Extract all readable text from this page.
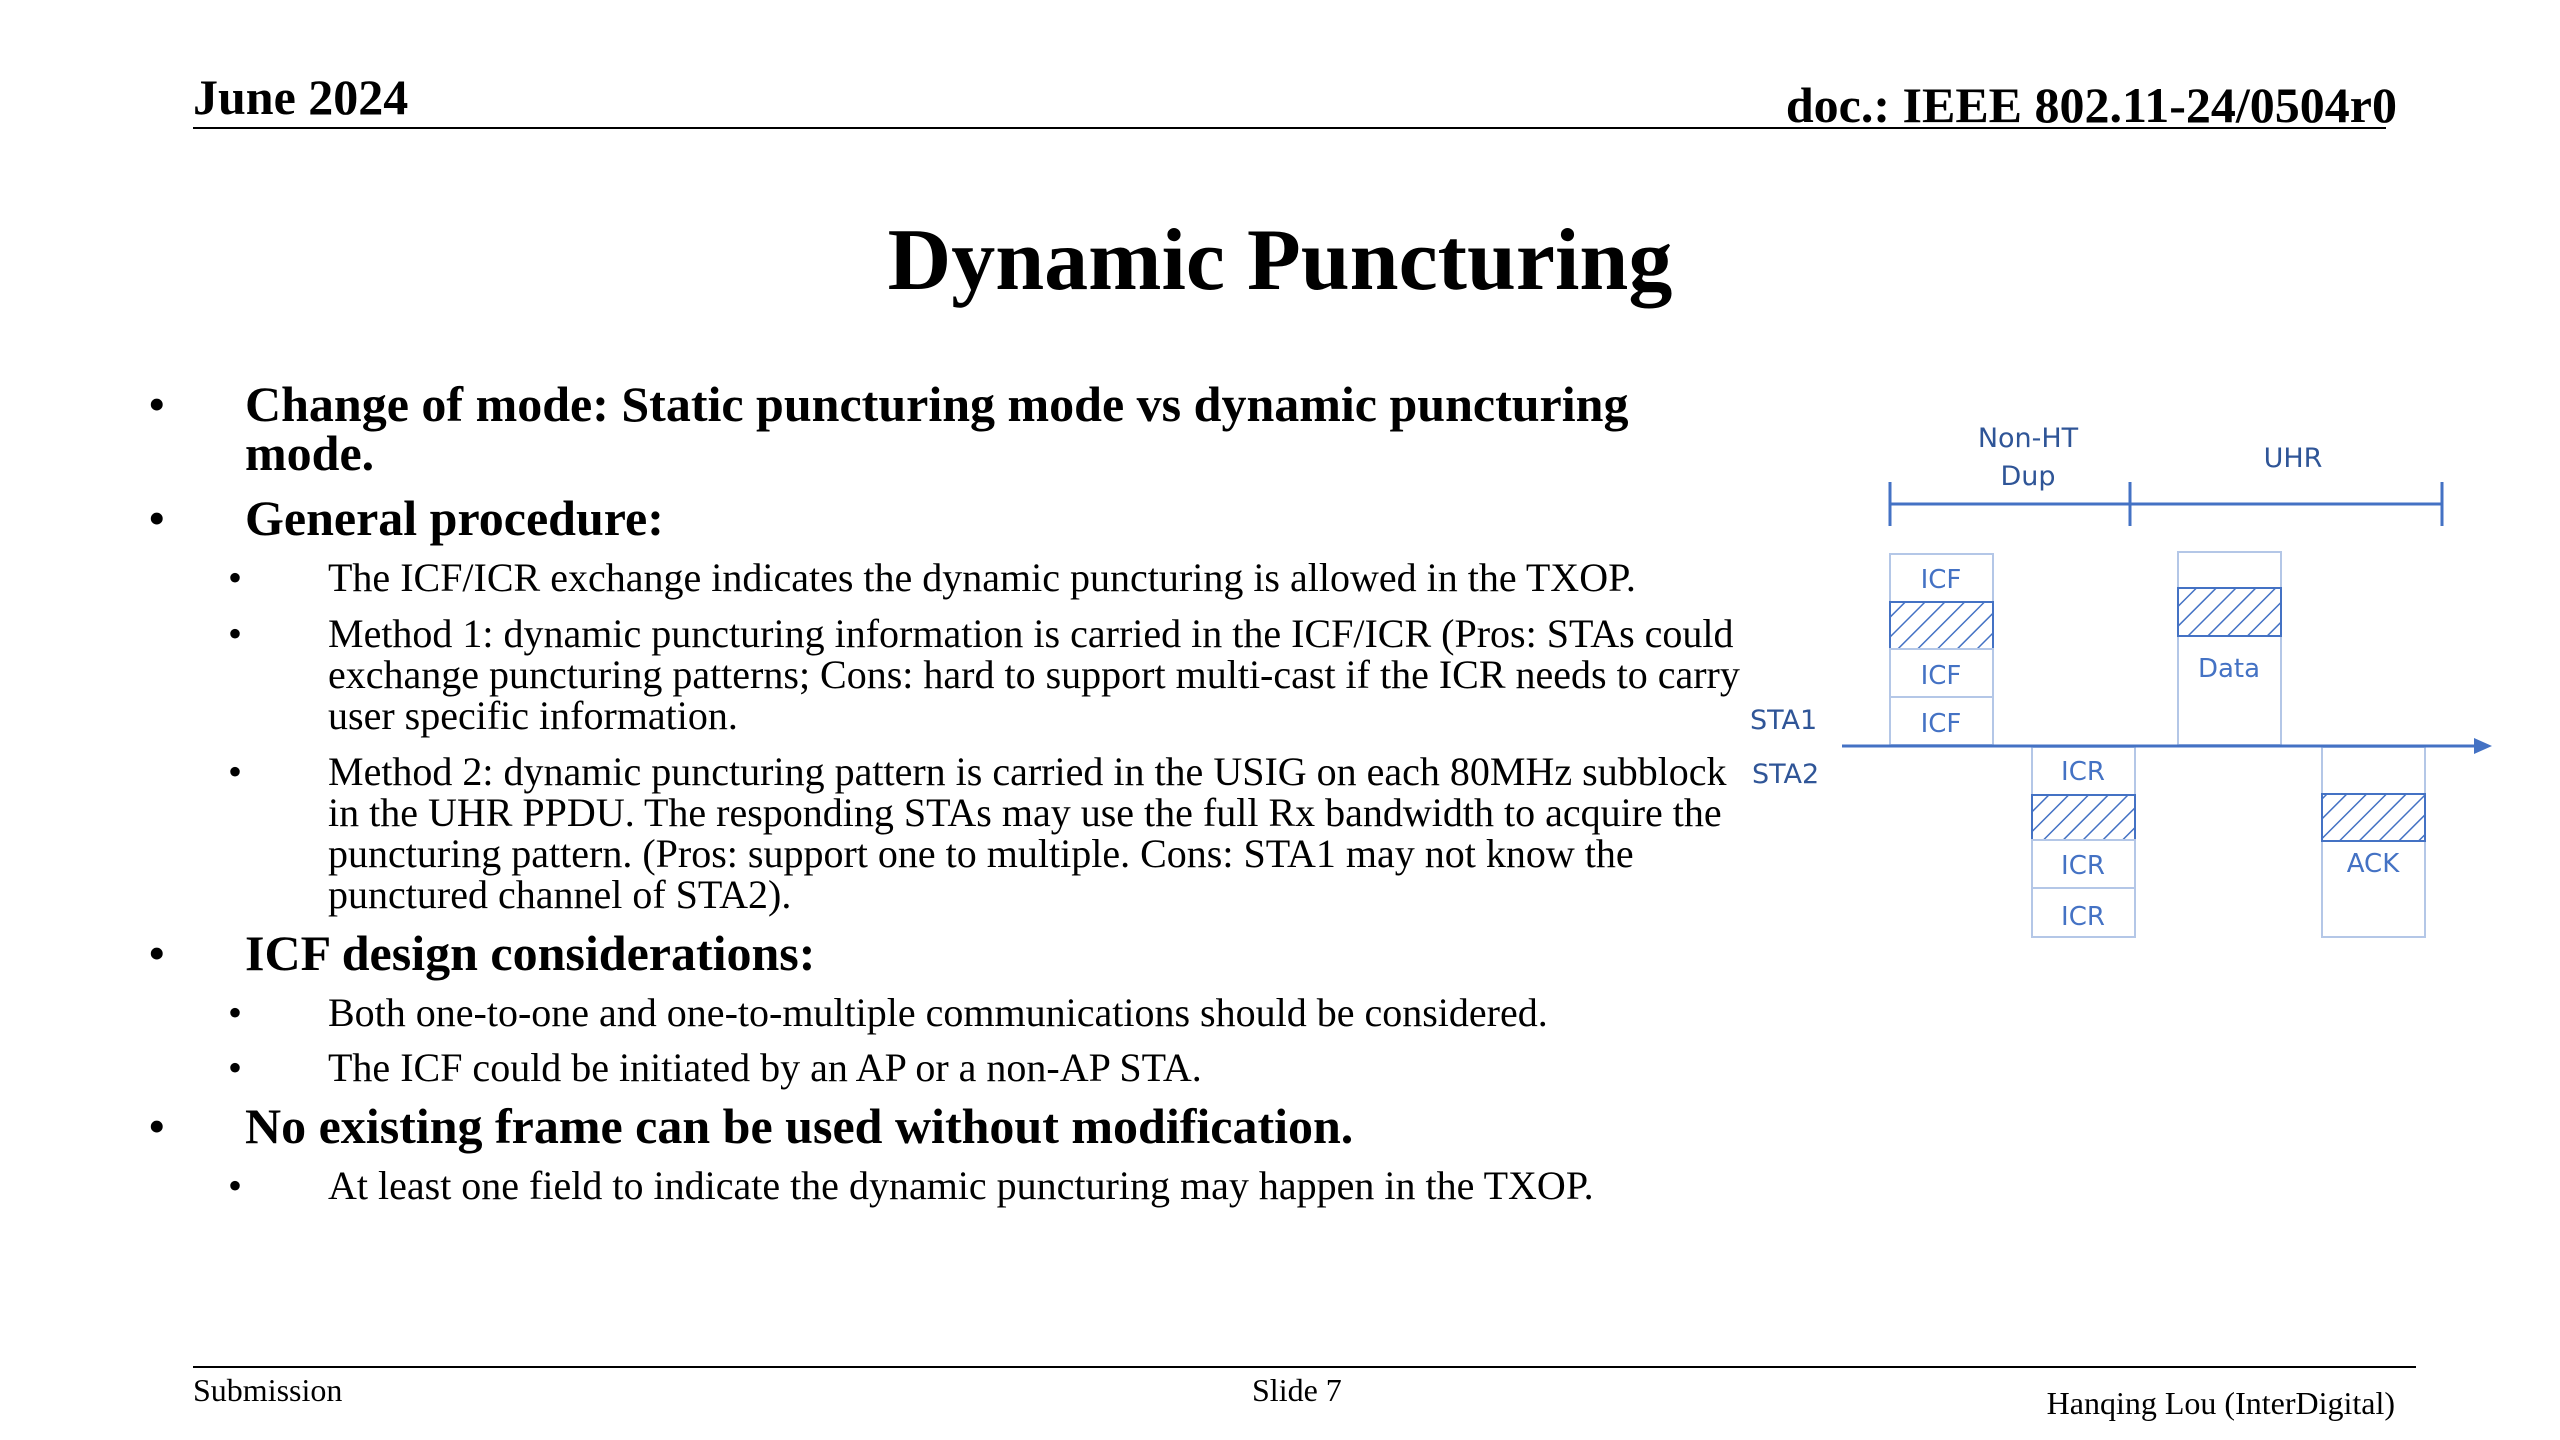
June 2024	doc.: IEEE 802.11-24/0504r0
Dynamic Puncturing
• Change of mode: Static puncturing mode vs dynamic puncturing mode.
• General procedure:
• The ICF/ICR exchange indicates the dynamic puncturing is allowed in the TXOP.
• Method 1: dynamic puncturing information is carried in the ICF/ICR (Pros: STAs could exchange puncturing patterns; Cons: hard to support multi-cast if the ICR needs to carry user specific information.
• Method 2: dynamic puncturing pattern is carried in the USIG on each 80MHz subblock in the UHR PPDU. The responding STAs may use the full Rx bandwidth to acquire the puncturing pattern. (Pros: support one to multiple. Cons: STA1 may not know the punctured channel of STA2).
• ICF design considerations:
• Both one-to-one and one-to-multiple communications should be considered.
• The ICF could be initiated by an AP or a non-AP STA.
• No existing frame can be used without modification.
• At least one field to indicate the dynamic puncturing may happen in the TXOP.
Non-HT
Dup
UHR
STA1
STA2
ICF
ICF
ICF
Data
ICR
ICR
ICR
ACK
Submission	Slide 7	Hanqing Lou (InterDigital)
